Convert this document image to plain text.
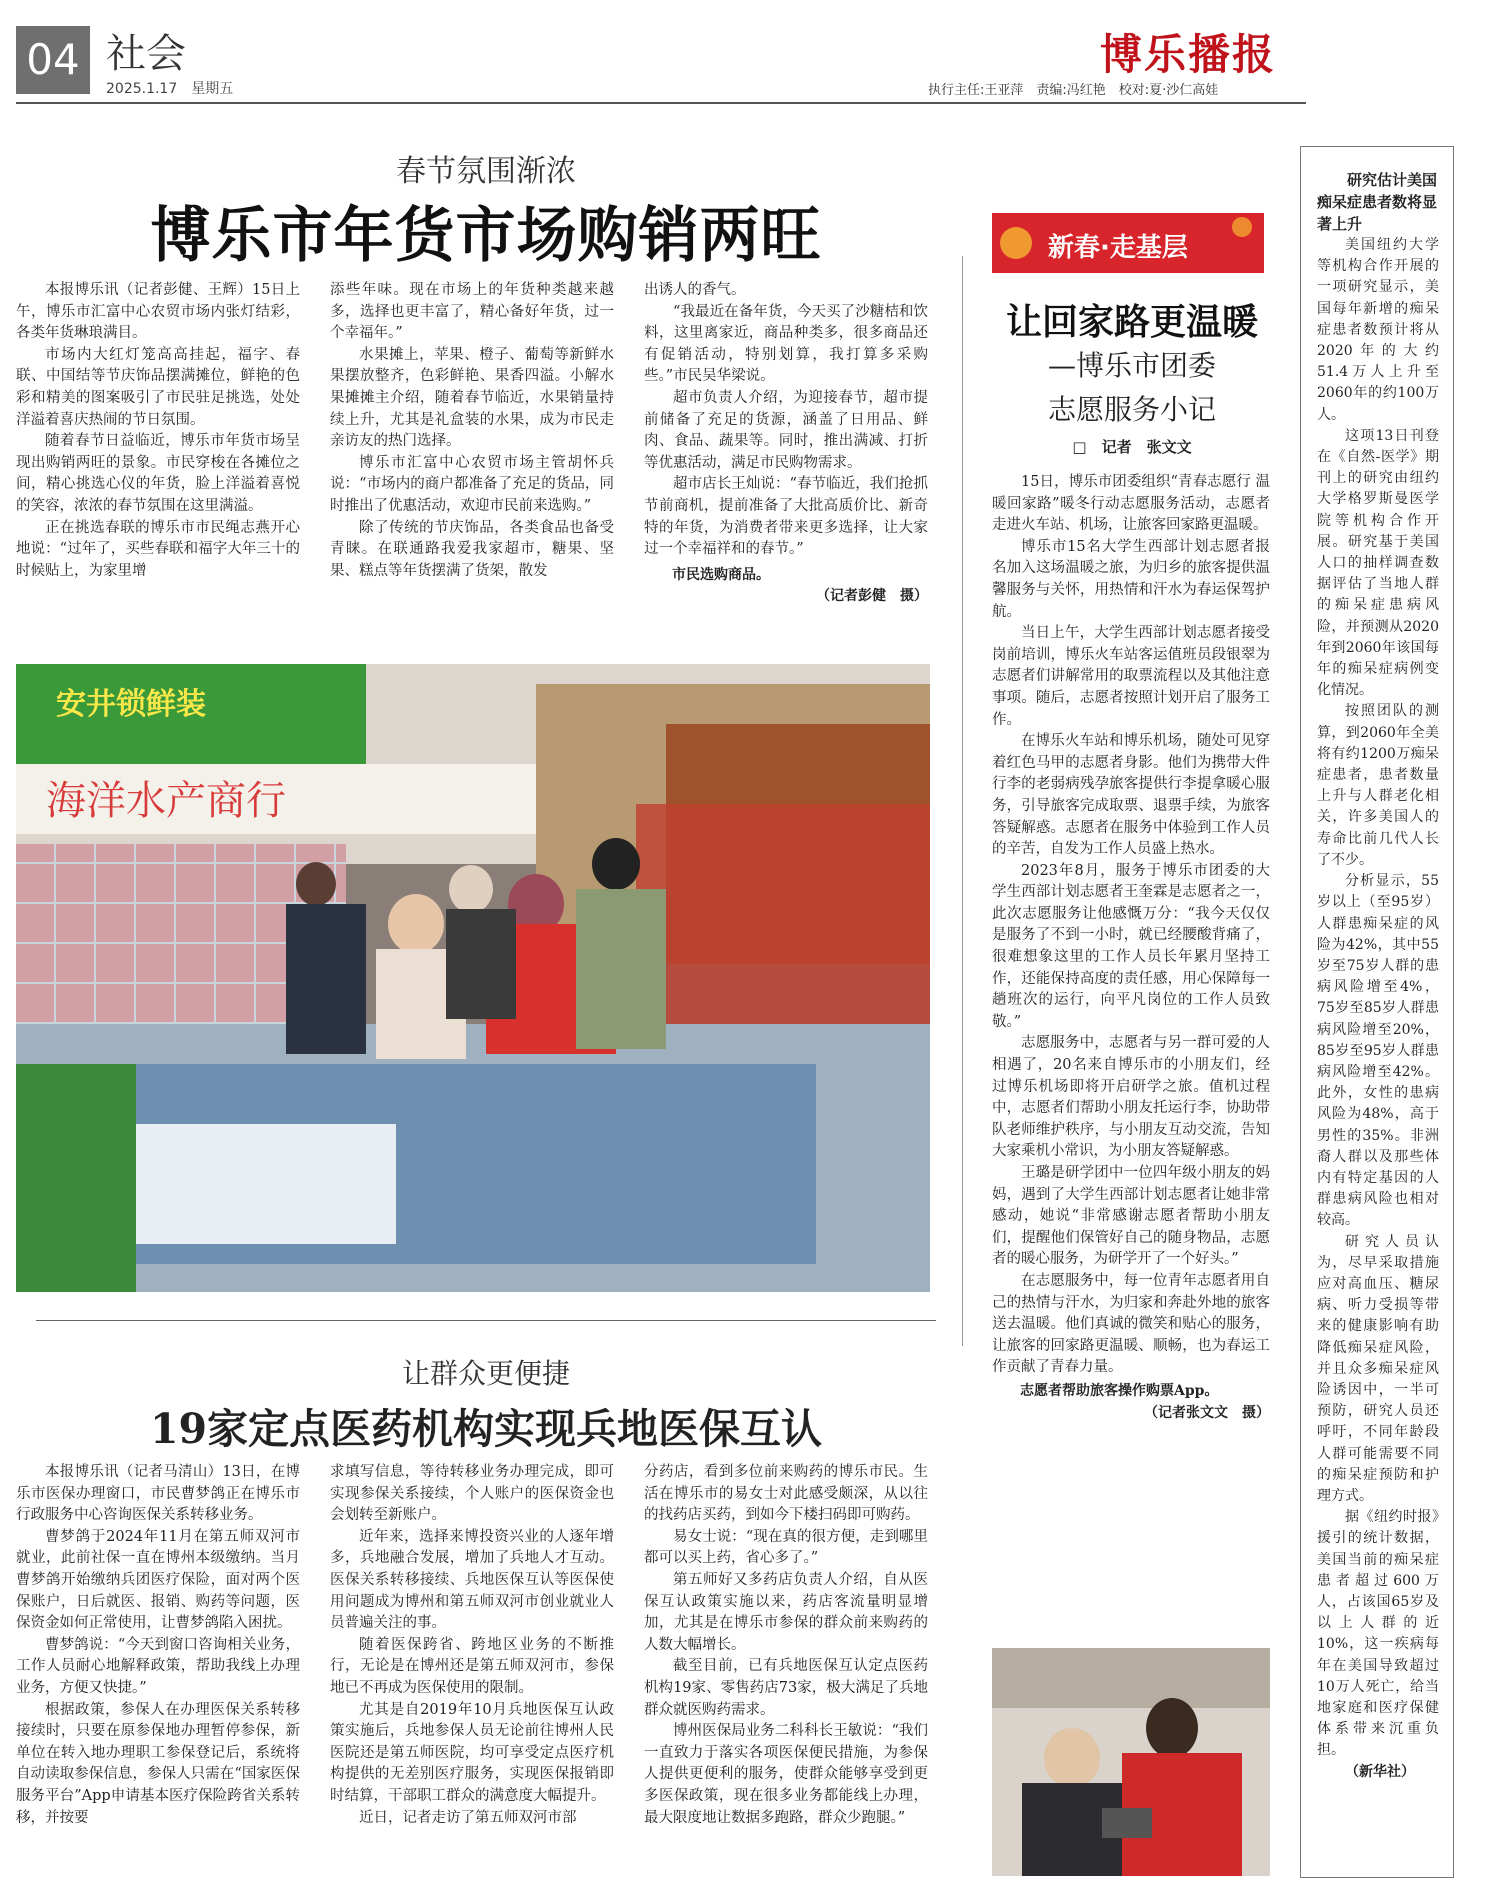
04 社会
2025.1.17　星期五
博乐播报
执行主任:王亚萍　责编:冯红艳　校对:夏·沙仁高娃
春节氛围渐浓
博乐市年货市场购销两旺

本报博乐讯（记者彭健、王辉）15日上午，博乐市汇富中心农贸市场内张灯结彩，各类年货琳琅满目。

市场内大红灯笼高高挂起，福字、春联、中国结等节庆饰品摆满摊位，鲜艳的色彩和精美的图案吸引了市民驻足挑选，处处洋溢着喜庆热闹的节日氛围。

随着春节日益临近，博乐市年货市场呈现出购销两旺的景象。市民穿梭在各摊位之间，精心挑选心仪的年货，脸上洋溢着喜悦的笑容，浓浓的春节氛围在这里满溢。

正在挑选春联的博乐市市民绳志燕开心地说：“过年了，买些春联和福字大年三十的时候贴上，为家里增

添些年味。现在市场上的年货种类越来越多，选择也更丰富了，精心备好年货，过一个幸福年。”

水果摊上，苹果、橙子、葡萄等新鲜水果摆放整齐，色彩鲜艳、果香四溢。小解水果摊摊主介绍，随着春节临近，水果销量持续上升，尤其是礼盒装的水果，成为市民走亲访友的热门选择。

博乐市汇富中心农贸市场主管胡怀兵说：“市场内的商户都准备了充足的货品，同时推出了优惠活动，欢迎市民前来选购。”

除了传统的节庆饰品，各类食品也备受青睐。在联通路我爱我家超市，糖果、坚果、糕点等年货摆满了货架，散发

出诱人的香气。

“我最近在备年货，今天买了沙糖桔和饮料，这里离家近，商品种类多，很多商品还有促销活动，特别划算，我打算多采购些。”市民吴华梁说。

超市负责人介绍，为迎接春节，超市提前储备了充足的货源，涵盖了日用品、鲜肉、食品、蔬果等。同时，推出满减、打折等优惠活动，满足市民购物需求。

超市店长王灿说：“春节临近，我们抢抓节前商机，提前准备了大批高质价比、新奇特的年货，为消费者带来更多选择，让大家过一个幸福祥和的春节。”

市民选购商品。

（记者彭健　摄）

海洋水产商行
安井锁鲜装
让群众更便捷
19家定点医药机构实现兵地医保互认

本报博乐讯（记者马清山）13日，在博乐市医保办理窗口，市民曹梦鸽正在博乐市行政服务中心咨询医保关系转移业务。

曹梦鸽于2024年11月在第五师双河市就业，此前社保一直在博州本级缴纳。当月曹梦鸽开始缴纳兵团医疗保险，面对两个医保账户，日后就医、报销、购药等问题，医保资金如何正常使用，让曹梦鸽陷入困扰。

曹梦鸽说：“今天到窗口咨询相关业务，工作人员耐心地解释政策，帮助我线上办理业务，方便又快捷。”

根据政策，参保人在办理医保关系转移接续时，只要在原参保地办理暂停参保，新单位在转入地办理职工参保登记后，系统将自动读取参保信息，参保人只需在“国家医保服务平台”App申请基本医疗保险跨省关系转移，并按要

求填写信息，等待转移业务办理完成，即可实现参保关系接续，个人账户的医保资金也会划转至新账户。

近年来，选择来博投资兴业的人逐年增多，兵地融合发展，增加了兵地人才互动。医保关系转移接续、兵地医保互认等医保使用问题成为博州和第五师双河市创业就业人员普遍关注的事。

随着医保跨省、跨地区业务的不断推行，无论是在博州还是第五师双河市，参保地已不再成为医保使用的限制。

尤其是自2019年10月兵地医保互认政策实施后，兵地参保人员无论前往博州人民医院还是第五师医院，均可享受定点医疗机构提供的无差别医疗服务，实现医保报销即时结算，干部职工群众的满意度大幅提升。

近日，记者走访了第五师双河市部

分药店，看到多位前来购药的博乐市民。生活在博乐市的易女士对此感受颇深，从以往的找药店买药，到如今下楼扫码即可购药。

易女士说：“现在真的很方便，走到哪里都可以买上药，省心多了。”

第五师好又多药店负责人介绍，自从医保互认政策实施以来，药店客流量明显增加，尤其是在博乐市参保的群众前来购药的人数大幅增长。

截至目前，已有兵地医保互认定点医药机构19家、零售药店73家，极大满足了兵地群众就医购药需求。

博州医保局业务二科科长王敏说：“我们一直致力于落实各项医保便民措施，为参保人提供更便利的服务，使群众能够享受到更多医保政策，现在很多业务都能线上办理，最大限度地让数据多跑路，群众少跑腿。”

新春·走基层
让回家路更温暖
—博乐市团委
志愿服务小记
□　记者　张文文

15日，博乐市团委组织“青春志愿行 温暖回家路”暖冬行动志愿服务活动，志愿者走进火车站、机场，让旅客回家路更温暖。

博乐市15名大学生西部计划志愿者报名加入这场温暖之旅，为归乡的旅客提供温馨服务与关怀，用热情和汗水为春运保驾护航。

当日上午，大学生西部计划志愿者接受岗前培训，博乐火车站客运值班员段银翠为志愿者们讲解常用的取票流程以及其他注意事项。随后，志愿者按照计划开启了服务工作。

在博乐火车站和博乐机场，随处可见穿着红色马甲的志愿者身影。他们为携带大件行李的老弱病残孕旅客提供行李提拿暖心服务，引导旅客完成取票、退票手续，为旅客答疑解惑。志愿者在服务中体验到工作人员的辛苦，自发为工作人员盛上热水。

2023年8月，服务于博乐市团委的大学生西部计划志愿者王奎霖是志愿者之一，此次志愿服务让他感慨万分：“我今天仅仅是服务了不到一小时，就已经腰酸背痛了，很难想象这里的工作人员长年累月坚持工作，还能保持高度的责任感，用心保障每一趟班次的运行，向平凡岗位的工作人员致敬。”

志愿服务中，志愿者与另一群可爱的人相遇了，20名来自博乐市的小朋友们，经过博乐机场即将开启研学之旅。值机过程中，志愿者们帮助小朋友托运行李，协助带队老师维护秩序，与小朋友互动交流，告知大家乘机小常识，为小朋友答疑解惑。

王璐是研学团中一位四年级小朋友的妈妈，遇到了大学生西部计划志愿者让她非常感动，她说“非常感谢志愿者帮助小朋友们，提醒他们保管好自己的随身物品，志愿者的暖心服务，为研学开了一个好头。”

在志愿服务中，每一位青年志愿者用自己的热情与汗水，为归家和奔赴外地的旅客送去温暖。他们真诚的微笑和贴心的服务，让旅客的回家路更温暖、顺畅，也为春运工作贡献了青春力量。

志愿者帮助旅客操作购票App。

（记者张文文　摄）

研究估计美国痴呆症患者数将显著上升

美国纽约大学等机构合作开展的一项研究显示，美国每年新增的痴呆症患者数预计将从2020年的大约51.4万人上升至2060年的约100万人。

这项13日刊登在《自然-医学》期刊上的研究由纽约大学格罗斯曼医学院等机构合作开展。研究基于美国人口的抽样调查数据评估了当地人群的痴呆症患病风险，并预测从2020年到2060年该国每年的痴呆症病例变化情况。

按照团队的测算，到2060年全美将有约1200万痴呆症患者，患者数量上升与人群老化相关，许多美国人的寿命比前几代人长了不少。

分析显示，55岁以上（至95岁）人群患痴呆症的风险为42%，其中55岁至75岁人群的患病风险增至4%，75岁至85岁人群患病风险增至20%，85岁至95岁人群患病风险增至42%。此外，女性的患病风险为48%，高于男性的35%。非洲裔人群以及那些体内有特定基因的人群患病风险也相对较高。

研究人员认为，尽早采取措施应对高血压、糖尿病、听力受损等带来的健康影响有助降低痴呆症风险，并且众多痴呆症风险诱因中，一半可预防，研究人员还呼吁，不同年龄段人群可能需要不同的痴呆症预防和护理方式。

据《纽约时报》援引的统计数据，美国当前的痴呆症患者超过600万人，占该国65岁及以上人群的近10%，这一疾病每年在美国导致超过10万人死亡，给当地家庭和医疗保健体系带来沉重负担。

（新华社）
